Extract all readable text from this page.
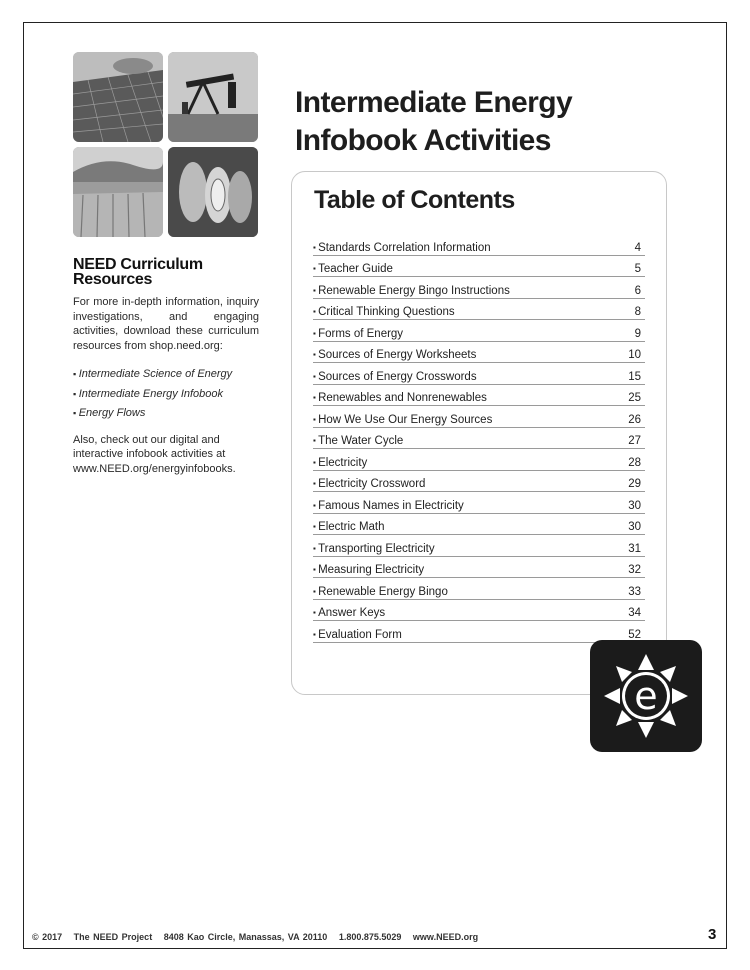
NEED Curriculum Resources

For more in-depth information, inquiry investigations, and engaging activities, download these curriculum resources from shop.need.org:

▪ Intermediate Science of Energy
▪ Intermediate Energy Infobook
▪ Energy Flows

Also, check out our digital and interactive infobook activities at www.NEED.org/energyinfobooks.

Intermediate Energy
Infobook Activities
Table of Contents
▪ Standards Correlation Information	4
▪ Teacher Guide	5
▪ Renewable Energy Bingo Instructions	6
▪ Critical Thinking Questions	8
▪ Forms of Energy	9
▪ Sources of Energy Worksheets	10
▪ Sources of Energy Crosswords	15
▪ Renewables and Nonrenewables	25
▪ How We Use Our Energy Sources	26
▪ The Water Cycle	27
▪ Electricity	28
▪ Electricity Crossword	29
▪ Famous Names in Electricity	30
▪ Electric Math	30
▪ Transporting Electricity	31
▪ Measuring Electricity	32
▪ Renewable Energy Bingo	33
▪ Answer Keys	34
▪ Evaluation Form	52
e
© 2017 The NEED Project 8408 Kao Circle, Manassas, VA 20110 1.800.875.5029 www.NEED.org	3
